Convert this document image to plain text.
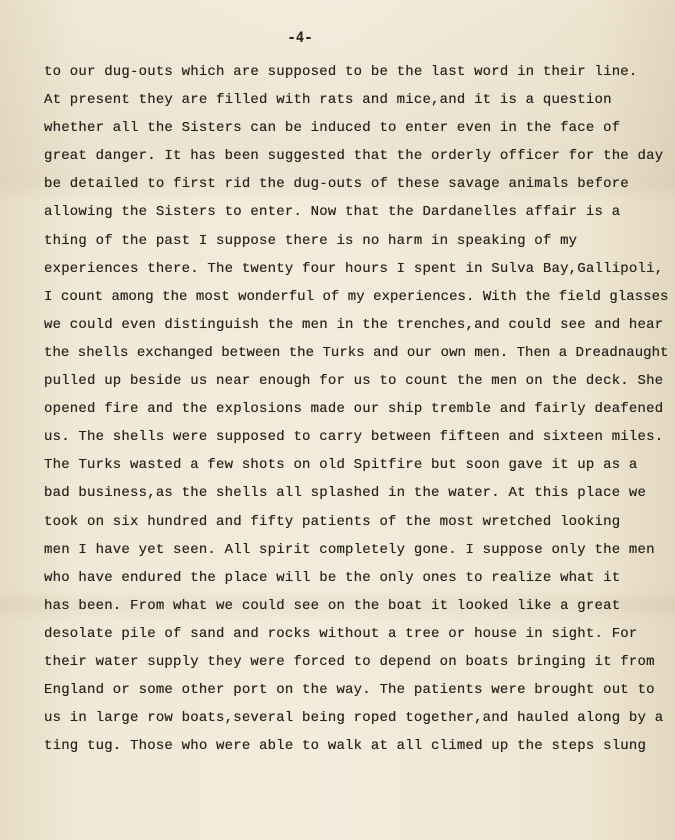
-4-
to our dug-outs which are supposed to be the last word in their line.
At present they are filled with rats and mice,and it is a question
whether all the Sisters can be induced to enter even in the face of
great danger. It has been suggested that the orderly officer for the day
be detailed to first rid the dug-outs of these savage animals before
allowing the Sisters to enter. Now that the Dardanelles affair is a
thing of the past I suppose there is no harm in speaking of my
experiences there. The twenty four hours I spent in Sulva Bay,Gallipoli,
I count among the most wonderful of my experiences. With the field glasses
we could even distinguish the men in the trenches,and could see and hear
the shells exchanged between the Turks and our own men. Then a Dreadnaught
pulled up beside us near enough for us to count the men on the deck. She
opened fire and the explosions made our ship tremble and fairly deafened
us. The shells were supposed to carry between fifteen and sixteen miles.
The Turks wasted a few shots on old Spitfire but soon gave it up as a
bad business,as the shells all splashed in the water. At this place we
took on six hundred and fifty patients of the most wretched looking
men I have yet seen. All spirit completely gone. I suppose only the men
who have endured the place will be the only ones to realize what it
has been. From what we could see on the boat it looked like a great
desolate pile of sand and rocks without a tree or house in sight. For
their water supply they were forced to depend on boats bringing it from
England or some other port on the way. The patients were brought out to
us in large row boats,several being roped together,and hauled along by a
ting tug. Those who were able to walk at all climed up the steps slung
